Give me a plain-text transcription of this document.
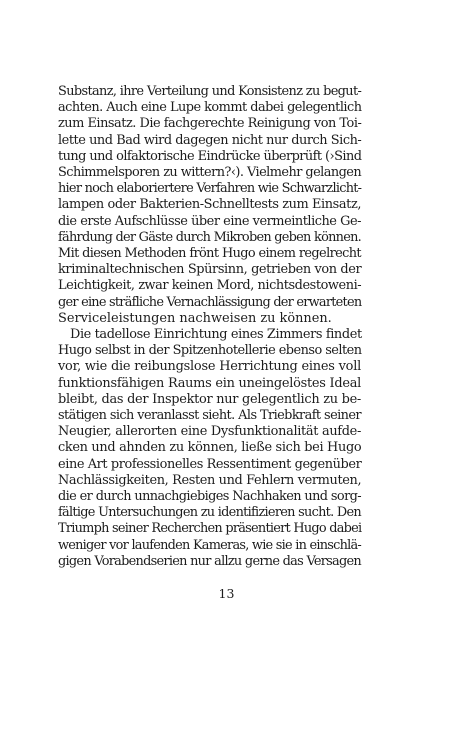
Substanz, ihre Verteilung und Konsistenz zu begut-
achten. Auch eine Lupe kommt dabei gelegentlich
zum Einsatz. Die fachgerechte Reinigung von Toi-
lette und Bad wird dagegen nicht nur durch Sich-
tung und olfaktorische Eindrücke überprüft (›Sind
Schimmelsporen zu wittern?‹). Vielmehr gelangen
hier noch elaboriertere Verfahren wie Schwarzlicht-
lampen oder Bakterien-Schnelltests zum Einsatz,
die erste Aufschlüsse über eine vermeintliche Ge-
fährdung der Gäste durch Mikroben geben können.
Mit diesen Methoden frönt Hugo einem regelrecht
kriminaltechnischen Spürsinn, getrieben von der
Leichtigkeit, zwar keinen Mord, nichtsdestoweni-
ger eine sträfliche Vernachlässigung der erwarteten
Serviceleistungen nachweisen zu können.
Die tadellose Einrichtung eines Zimmers findet
Hugo selbst in der Spitzenhotellerie ebenso selten
vor, wie die reibungslose Herrichtung eines voll
funktionsfähigen Raums ein uneingelöstes Ideal
bleibt, das der Inspektor nur gelegentlich zu be-
stätigen sich veranlasst sieht. Als Triebkraft seiner
Neugier, allerorten eine Dysfunktionalität aufde-
cken und ahnden zu können, ließe sich bei Hugo
eine Art professionelles Ressentiment gegenüber
Nachlässigkeiten, Resten und Fehlern vermuten,
die er durch unnachgiebiges Nachhaken und sorg-
fältige Untersuchungen zu identifizieren sucht. Den
Triumph seiner Recherchen präsentiert Hugo dabei
weniger vor laufenden Kameras, wie sie in einschlä-
gigen Vorabendserien nur allzu gerne das Versagen
13
